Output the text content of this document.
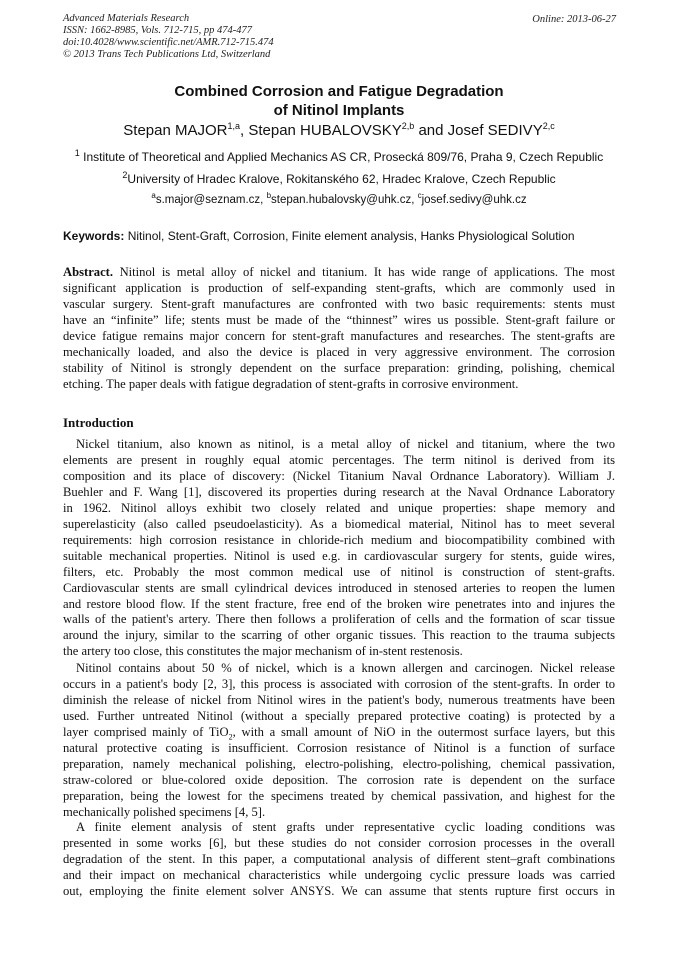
Advanced Materials Research
ISSN: 1662-8985, Vols. 712-715, pp 474-477
doi:10.4028/www.scientific.net/AMR.712-715.474
© 2013 Trans Tech Publications Ltd, Switzerland
Online: 2013-06-27
Combined Corrosion and Fatigue Degradation
of Nitinol Implants
Stepan MAJOR$^{1,a}$, Stepan HUBALOVSKY$^{2,b}$ and Josef SEDIVY$^{2,c}$
$^1$ Institute of Theoretical and Applied Mechanics AS CR, Prosecká 809/76, Praha 9, Czech Republic
$^2$University of Hradec Kralove, Rokitanského 62, Hradec Kralove, Czech Republic
$^a$s.major@seznam.cz, $^b$stepan.hubalovsky@uhk.cz, $^c$josef.sedivy@uhk.cz
Keywords: Nitinol, Stent-Graft, Corrosion, Finite element analysis, Hanks Physiological Solution
Abstract. Nitinol is metal alloy of nickel and titanium. It has wide range of applications. The most
significant application is production of self-expanding stent-grafts, which are commonly used in
vascular surgery. Stent-graft manufactures are confronted with two basic requirements: stents must
have an “infinite” life; stents must be made of the “thinnest” wires us possible. Stent-graft failure or
device fatigue remains major concern for stent-graft manufactures and researches. The stent-grafts are
mechanically loaded, and also the device is placed in very aggressive environment. The corrosion
stability of Nitinol is strongly dependent on the surface preparation: grinding, polishing, chemical
etching. The paper deals with fatigue degradation of stent-grafts in corrosive environment.
Introduction
Nickel titanium, also known as nitinol, is a metal alloy of nickel and titanium, where the two
elements are present in roughly equal atomic percentages. The term nitinol is derived from its
composition and its place of discovery: (Nickel Titanium Naval Ordnance Laboratory). William J.
Buehler and F. Wang [1], discovered its properties during research at the Naval Ordnance Laboratory
in 1962. Nitinol alloys exhibit two closely related and unique properties: shape memory and
superelasticity (also called pseudoelasticity). As a biomedical material, Nitinol has to meet several
requirements: high corrosion resistance in chloride-rich medium and biocompatibility combined with
suitable mechanical properties. Nitinol is used e.g. in cardiovascular surgery for stents, guide wires,
filters, etc. Probably the most common medical use of nitinol is construction of stent-grafts.
Cardiovascular stents are small cylindrical devices introduced in stenosed arteries to reopen the lumen
and restore blood flow. If the stent fracture, free end of the broken wire penetrates into and injures the
walls of the patient's artery. There then follows a proliferation of cells and the formation of scar tissue
around the injury, similar to the scarring of other organic tissues. This reaction to the trauma subjects
the artery too close, this constitutes the major mechanism of in-stent restenosis.
Nitinol contains about 50 % of nickel, which is a known allergen and carcinogen. Nickel release
occurs in a patient's body [2, 3], this process is associated with corrosion of the stent-grafts. In order to
diminish the release of nickel from Nitinol wires in the patient's body, numerous treatments have been
used. Further untreated Nitinol (without a specially prepared protective coating) is protected by a
layer comprised mainly of TiO$_2$, with a small amount of NiO in the outermost surface layers, but this
natural protective coating is insufficient. Corrosion resistance of Nitinol is a function of surface
preparation, namely mechanical polishing, electro-polishing, electro-polishing, chemical passivation,
straw-colored or blue-colored oxide deposition. The corrosion rate is dependent on the surface
preparation, being the lowest for the specimens treated by chemical passivation, and highest for the
mechanically polished specimens [4, 5].
A finite element analysis of stent grafts under representative cyclic loading conditions was
presented in some works [6], but these studies do not consider corrosion processes in the overall
degradation of the stent. In this paper, a computational analysis of different stent–graft combinations
and their impact on mechanical characteristics while undergoing cyclic pressure loads was carried
out, employing the finite element solver ANSYS. We can assume that stents rupture first occurs in
